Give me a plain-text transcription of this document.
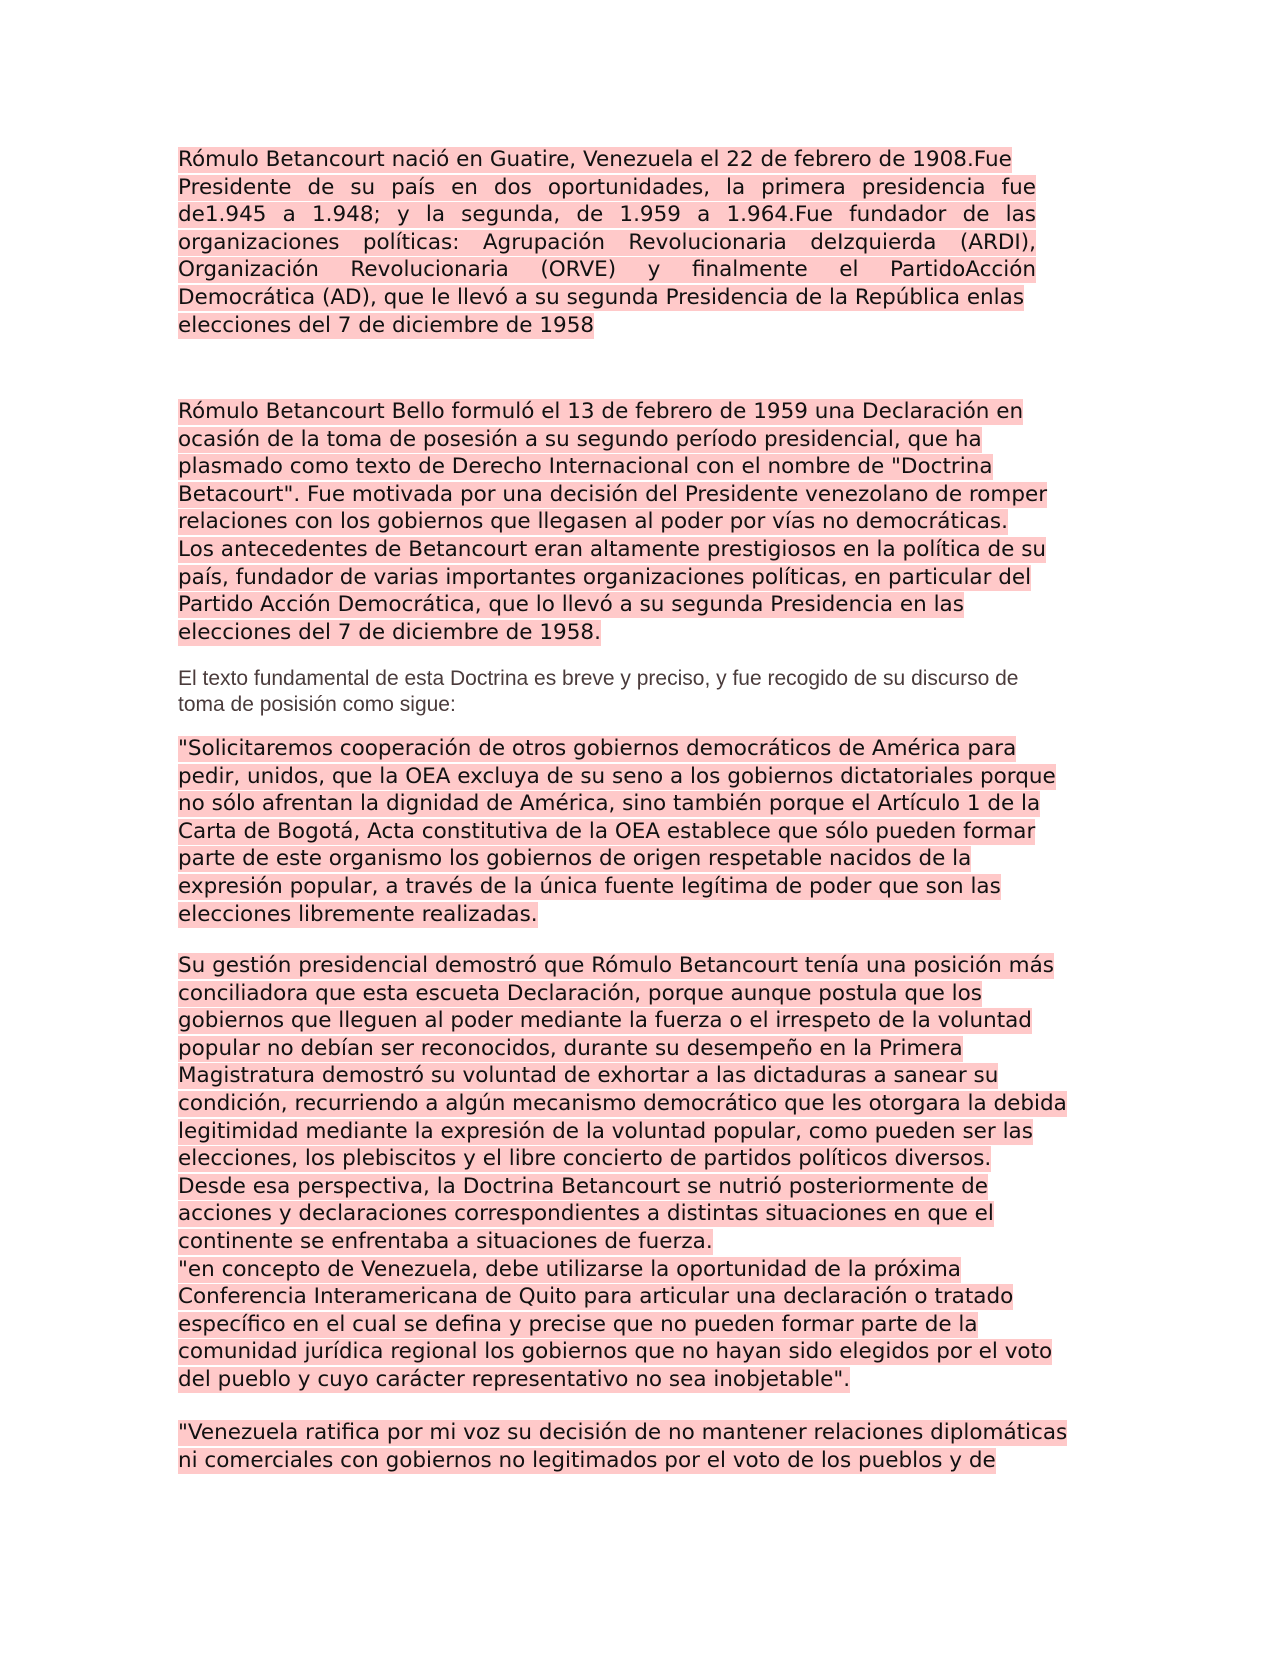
Rómulo Betancourt nació en Guatire, Venezuela el 22 de febrero de 1908.Fue
Presidente de su país en dos oportunidades, la primera presidencia fue
de1.945 a 1.948; y la segunda, de 1.959 a 1.964.Fue fundador de las
organizaciones políticas: Agrupación Revolucionaria deIzquierda (ARDI),
Organización Revolucionaria (ORVE) y finalmente el PartidoAcción
Democrática (AD), que le llevó a su segunda Presidencia de la República enlas
elecciones del 7 de diciembre de 1958
Rómulo Betancourt Bello formuló el 13 de febrero de 1959 una Declaración en
ocasión de la toma de posesión a su segundo período presidencial, que ha
plasmado como texto de Derecho Internacional con el nombre de "Doctrina
Betacourt". Fue motivada por una decisión del Presidente venezolano de romper
relaciones con los gobiernos que llegasen al poder por vías no democráticas.
Los antecedentes de Betancourt eran altamente prestigiosos en la política de su
país, fundador de varias importantes organizaciones políticas, en particular del
Partido Acción Democrática, que lo llevó a su segunda Presidencia en las
elecciones del 7 de diciembre de 1958.
El texto fundamental de esta Doctrina es breve y preciso, y fue recogido de su discurso de
toma de posisión como sigue:
"Solicitaremos cooperación de otros gobiernos democráticos de América para
pedir, unidos, que la OEA excluya de su seno a los gobiernos dictatoriales porque
no sólo afrentan la dignidad de América, sino también porque el Artículo 1 de la
Carta de Bogotá, Acta constitutiva de la OEA establece que sólo pueden formar
parte de este organismo los gobiernos de origen respetable nacidos de la
expresión popular, a través de la única fuente legítima de poder que son las
elecciones libremente realizadas.
Su gestión presidencial demostró que Rómulo Betancourt tenía una posición más
conciliadora que esta escueta Declaración, porque aunque postula que los
gobiernos que lleguen al poder mediante la fuerza o el irrespeto de la voluntad
popular no debían ser reconocidos, durante su desempeño en la Primera
Magistratura demostró su voluntad de exhortar a las dictaduras a sanear su
condición, recurriendo a algún mecanismo democrático que les otorgara la debida
legitimidad mediante la expresión de la voluntad popular, como pueden ser las
elecciones, los plebiscitos y el libre concierto de partidos políticos diversos.
Desde esa perspectiva, la Doctrina Betancourt se nutrió posteriormente de
acciones y declaraciones correspondientes a distintas situaciones en que el
continente se enfrentaba a situaciones de fuerza.
"en concepto de Venezuela, debe utilizarse la oportunidad de la próxima
Conferencia Interamericana de Quito para articular una declaración o tratado
específico en el cual se defina y precise que no pueden formar parte de la
comunidad jurídica regional los gobiernos que no hayan sido elegidos por el voto
del pueblo y cuyo carácter representativo no sea inobjetable".
"Venezuela ratifica por mi voz su decisión de no mantener relaciones diplomáticas
ni comerciales con gobiernos no legitimados por el voto de los pueblos y de
